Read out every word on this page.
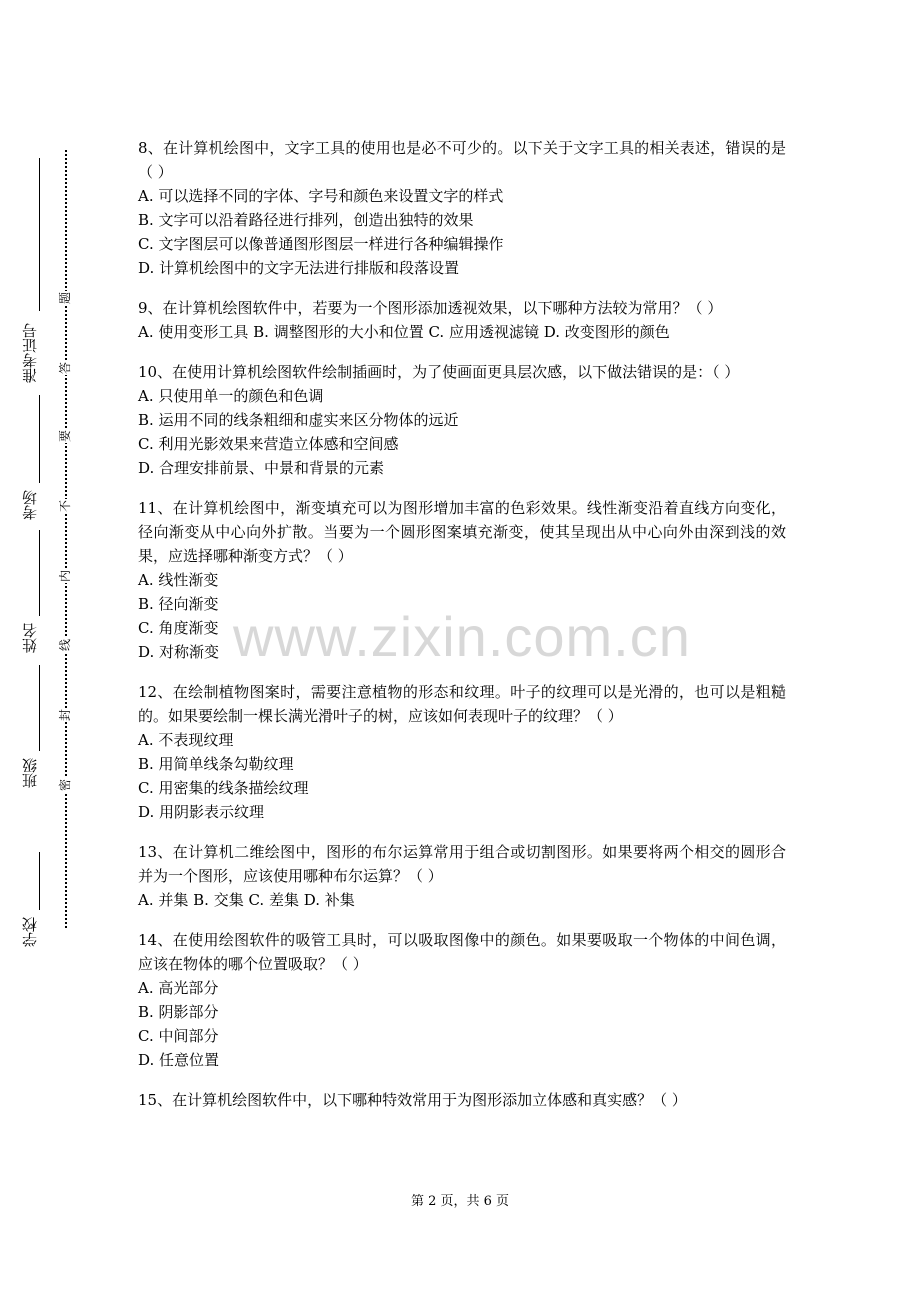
学校
班级
姓名
考场
准考证号
题
答
要
不
内
线
封
密
8、在计算机绘图中，文字工具的使用也是必不可少的。以下关于文字工具的相关表述，错误的是（ ）
A. 可以选择不同的字体、字号和颜色来设置文字的样式
B. 文字可以沿着路径进行排列，创造出独特的效果
C. 文字图层可以像普通图形图层一样进行各种编辑操作
D. 计算机绘图中的文字无法进行排版和段落设置
9、在计算机绘图软件中，若要为一个图形添加透视效果，以下哪种方法较为常用？（ ）
A. 使用变形工具 B. 调整图形的大小和位置 C. 应用透视滤镜 D. 改变图形的颜色
10、在使用计算机绘图软件绘制插画时，为了使画面更具层次感，以下做法错误的是：（ ）
A. 只使用单一的颜色和色调
B. 运用不同的线条粗细和虚实来区分物体的远近
C. 利用光影效果来营造立体感和空间感
D. 合理安排前景、中景和背景的元素
11、在计算机绘图中，渐变填充可以为图形增加丰富的色彩效果。线性渐变沿着直线方向变化，径向渐变从中心向外扩散。当要为一个圆形图案填充渐变，使其呈现出从中心向外由深到浅的效果，应选择哪种渐变方式？（ ）
A. 线性渐变
B. 径向渐变
C. 角度渐变
D. 对称渐变
12、在绘制植物图案时，需要注意植物的形态和纹理。叶子的纹理可以是光滑的，也可以是粗糙的。如果要绘制一棵长满光滑叶子的树，应该如何表现叶子的纹理？（ ）
A. 不表现纹理
B. 用简单线条勾勒纹理
C. 用密集的线条描绘纹理
D. 用阴影表示纹理
13、在计算机二维绘图中，图形的布尔运算常用于组合或切割图形。如果要将两个相交的圆形合并为一个图形，应该使用哪种布尔运算？（ ）
A. 并集 B. 交集 C. 差集 D. 补集
14、在使用绘图软件的吸管工具时，可以吸取图像中的颜色。如果要吸取一个物体的中间色调，应该在物体的哪个位置吸取？（ ）
A. 高光部分
B. 阴影部分
C. 中间部分
D. 任意位置
15、在计算机绘图软件中，以下哪种特效常用于为图形添加立体感和真实感？（ ）
www.zixin.com.cn
第 2 页，共 6 页
